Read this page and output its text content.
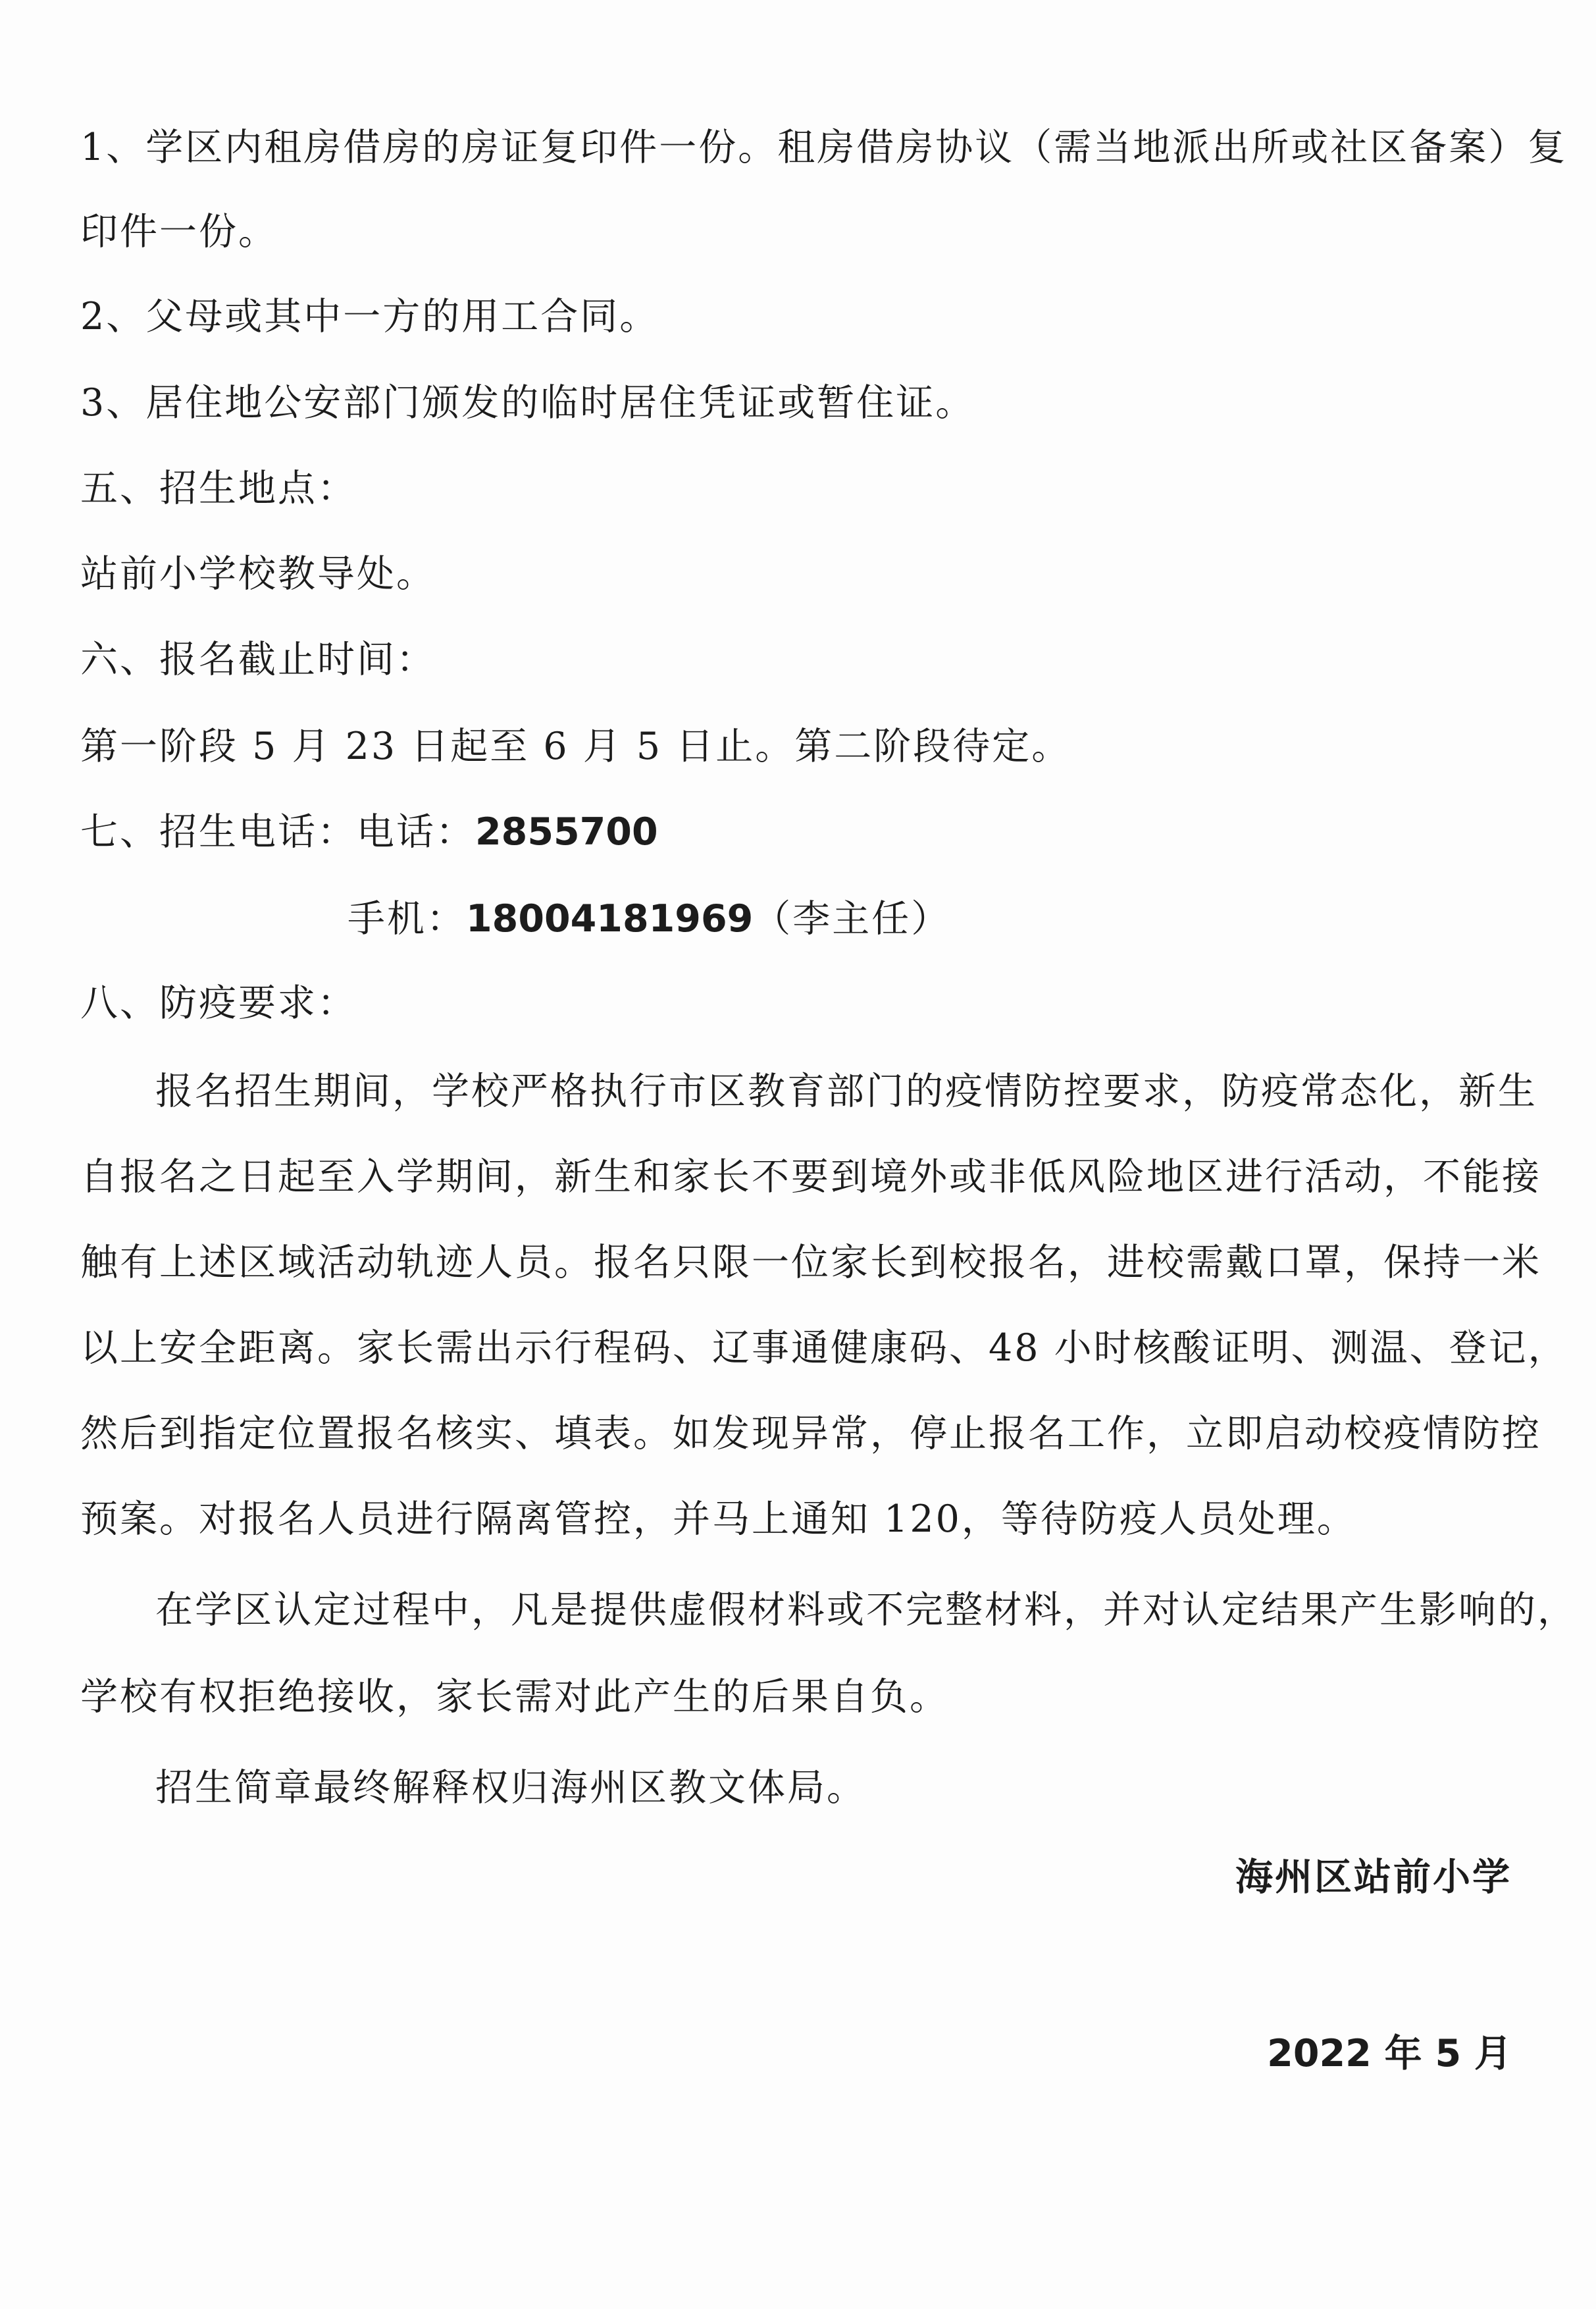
1、学区内租房借房的房证复印件一份。租房借房协议（需当地派出所或社区备案）复
印件一份。
2、父母或其中一方的用工合同。
3、居住地公安部门颁发的临时居住凭证或暂住证。
五、招生地点：
站前小学校教导处。
六、报名截止时间：
第一阶段 5 月 23 日起至 6 月 5 日止。第二阶段待定。
七、招生电话：电话：2855700
手机：18004181969（李主任）
八、防疫要求：
报名招生期间，学校严格执行市区教育部门的疫情防控要求，防疫常态化，新生
自报名之日起至入学期间，新生和家长不要到境外或非低风险地区进行活动，不能接
触有上述区域活动轨迹人员。报名只限一位家长到校报名，进校需戴口罩，保持一米
以上安全距离。家长需出示行程码、辽事通健康码、48 小时核酸证明、测温、登记，
然后到指定位置报名核实、填表。如发现异常，停止报名工作，立即启动校疫情防控
预案。对报名人员进行隔离管控，并马上通知 120，等待防疫人员处理。
在学区认定过程中，凡是提供虚假材料或不完整材料，并对认定结果产生影响的，
学校有权拒绝接收，家长需对此产生的后果自负。
招生简章最终解释权归海州区教文体局。
海州区站前小学
2022 年 5 月
